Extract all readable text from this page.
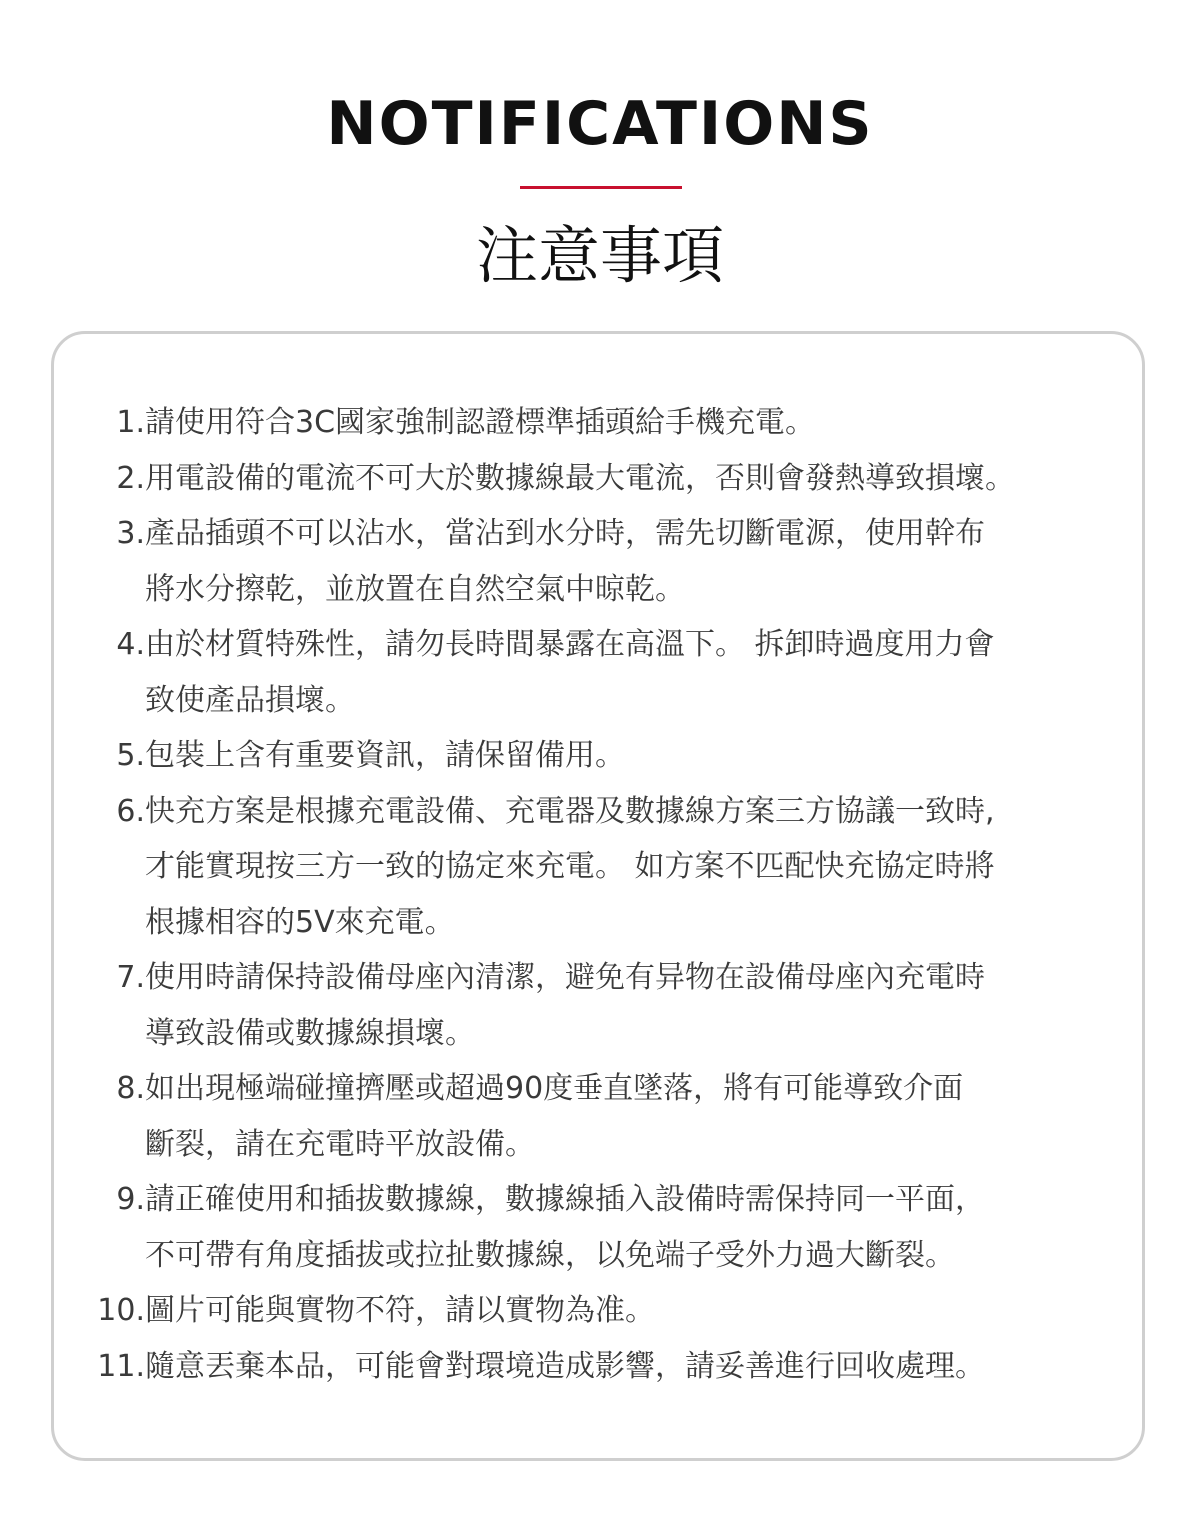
NOTIFICATIONS
注意事項
1. 請使用符合3C國家強制認證標準插頭給手機充電。
2. 用電設備的電流不可大於數據線最大電流，否則會發熱導致損壞。
3. 產品插頭不可以沾水，當沾到水分時，需先切斷電源，使用幹布
將水分擦乾，並放置在自然空氣中晾乾。
4. 由於材質特殊性，請勿長時間暴露在高溫下。 拆卸時過度用力會
致使產品損壞。
5. 包裝上含有重要資訊，請保留備用。
6. 快充方案是根據充電設備、充電器及數據線方案三方協議一致時,
才能實現按三方一致的協定來充電。 如方案不匹配快充協定時將
根據相容的5V來充電。
7. 使用時請保持設備母座內清潔，避免有异物在設備母座內充電時
導致設備或數據線損壞。
8. 如出現極端碰撞擠壓或超過90度垂直墜落，將有可能導致介面
斷裂，請在充電時平放設備。
9. 請正確使用和插拔數據線，數據線插入設備時需保持同一平面，
不可帶有角度插拔或拉扯數據線，以免端子受外力過大斷裂。
10. 圖片可能與實物不符，請以實物為准。
11. 隨意丟棄本品，可能會對環境造成影響，請妥善進行回收處理。
